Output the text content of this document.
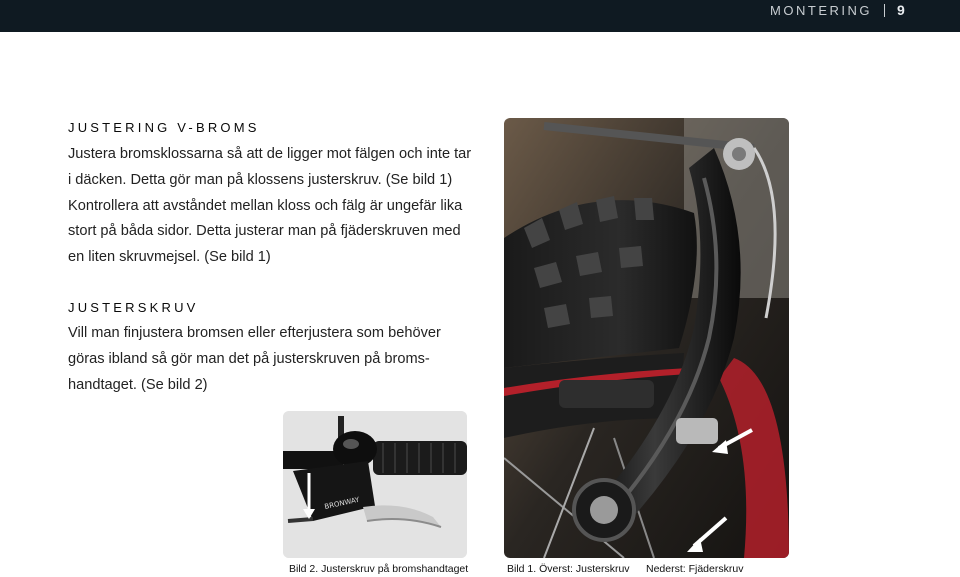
MONTERING 9
JUSTERING V-BROMS

Justera bromsklossarna så att de ligger mot fälgen och inte tar i däcken. Detta gör man på klossens justerskruv. (Se bild 1) Kontrollera att avståndet mellan kloss och fälg är ungefär lika stort på båda sidor. Detta justerar man på fjäderskruven med en liten skruvmejsel. (Se bild 1)

JUSTERSKRUV

Vill man finjustera bromsen eller efterjustera som behöver göras ibland så gör man det på justerskruven på broms-handtaget. (Se bild 2)

BRONWAY
Bild 2. Justerskruv på bromshandtaget	Bild 1. Överst: Justerskruv Nederst: Fjäderskruv
